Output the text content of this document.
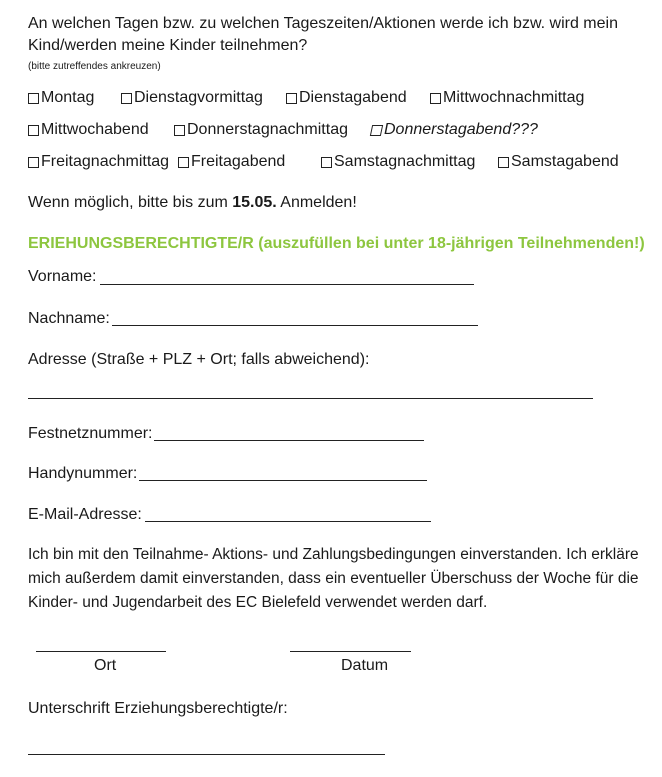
An welchen Tagen bzw. zu welchen Tageszeiten/Aktionen werde ich bzw. wird mein
Kind/werden meine Kinder teilnehmen?
(bitte zutreffendes ankreuzen)
Montag Dienstagvormittag Dienstagabend Mittwochnachmittag
Mittwochabend Donnerstagnachmittag Donnerstagabend???
Freitagnachmittag Freitagabend	Samstagnachmittag Samstagabend
Wenn möglich, bitte bis zum 15.05. Anmelden!
ERIEHUNGSBERECHTIGTE/R (auszufüllen bei unter 18-jährigen Teilnehmenden!)
Vorname:
Nachname:
Adresse (Straße + PLZ + Ort; falls abweichend):
Festnetznummer:
Handynummer:
E-Mail-Adresse:
Ich bin mit den Teilnahme- Aktions- und Zahlungsbedingungen einverstanden. Ich erkläre
mich außerdem damit einverstanden, dass ein eventueller Überschuss der Woche für die
Kinder- und Jugendarbeit des EC Bielefeld verwendet werden darf.
Ort	Datum
Unterschrift Erziehungsberechtigte/r:
